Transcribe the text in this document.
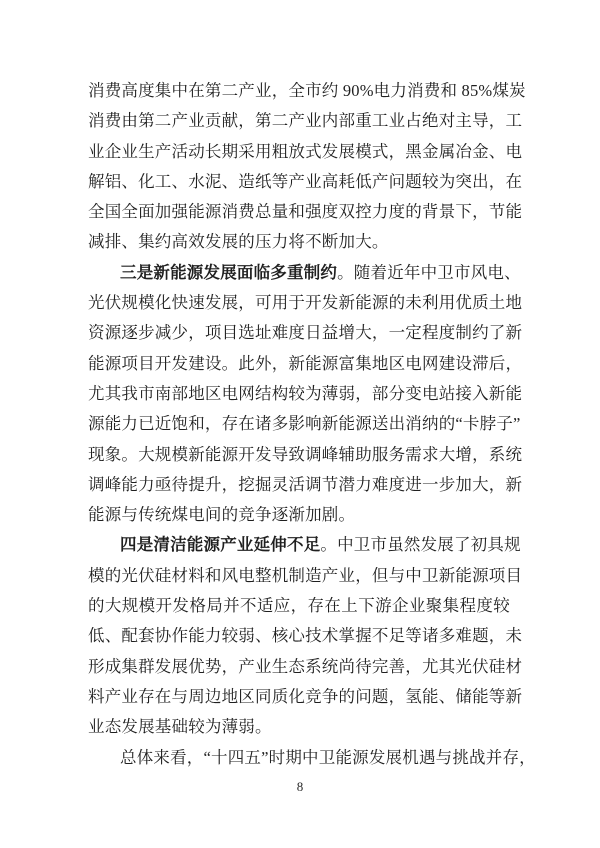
消费高度集中在第二产业，全市约 90%电力消费和 85%煤炭
消费由第二产业贡献，第二产业内部重工业占绝对主导，工
业企业生产活动长期采用粗放式发展模式，黑金属冶金、电
解铝、化工、水泥、造纸等产业高耗低产问题较为突出，在
全国全面加强能源消费总量和强度双控力度的背景下，节能
减排、集约高效发展的压力将不断加大。
三是新能源发展面临多重制约。随着近年中卫市风电、
光伏规模化快速发展，可用于开发新能源的未利用优质土地
资源逐步减少，项目选址难度日益增大，一定程度制约了新
能源项目开发建设。此外，新能源富集地区电网建设滞后，
尤其我市南部地区电网结构较为薄弱，部分变电站接入新能
源能力已近饱和，存在诸多影响新能源送出消纳的“卡脖子”
现象。大规模新能源开发导致调峰辅助服务需求大增，系统
调峰能力亟待提升，挖掘灵活调节潜力难度进一步加大，新
能源与传统煤电间的竞争逐渐加剧。
四是清洁能源产业延伸不足。中卫市虽然发展了初具规
模的光伏硅材料和风电整机制造产业，但与中卫新能源项目
的大规模开发格局并不适应，存在上下游企业聚集程度较
低、配套协作能力较弱、核心技术掌握不足等诸多难题，未
形成集群发展优势，产业生态系统尚待完善，尤其光伏硅材
料产业存在与周边地区同质化竞争的问题，氢能、储能等新
业态发展基础较为薄弱。
总体来看，“十四五”时期中卫能源发展机遇与挑战并存，
8
